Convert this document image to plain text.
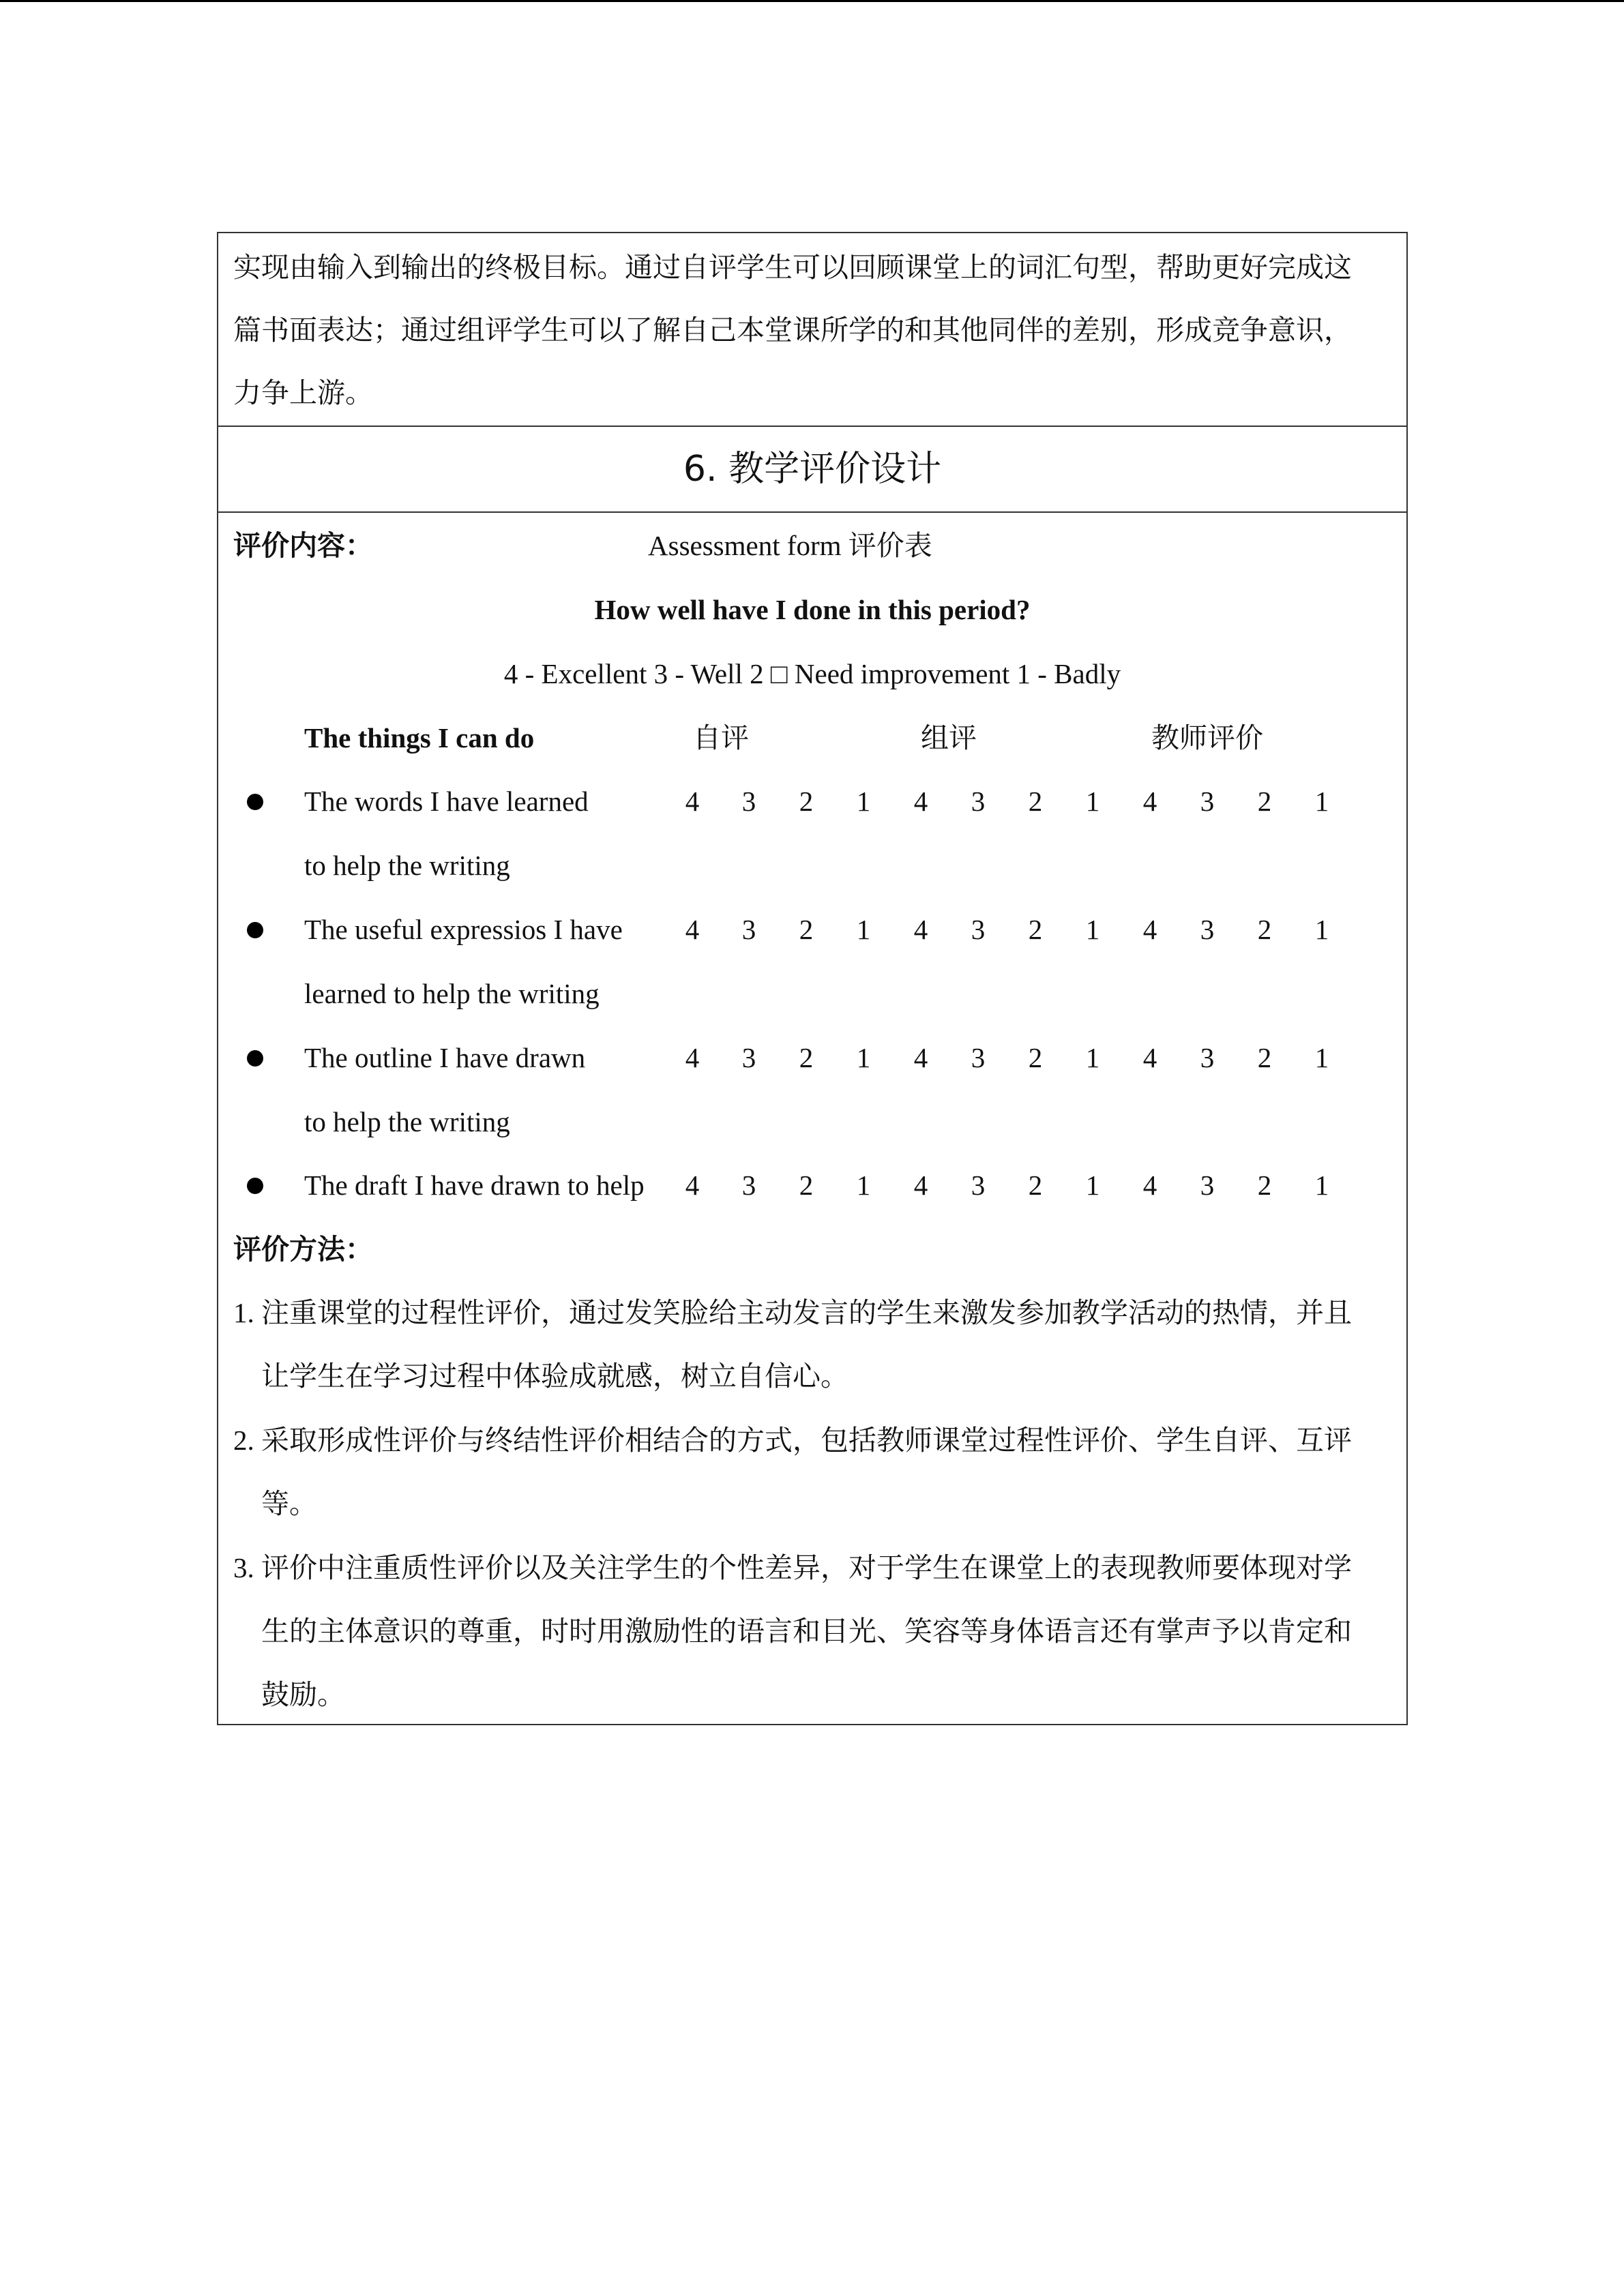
实现由输入到输出的终极目标。通过自评学生可以回顾课堂上的词汇句型，帮助更好完成这
篇书面表达；通过组评学生可以了解自己本堂课所学的和其他同伴的差别，形成竞争意识，
力争上游。
6. 教学评价设计
评价内容：	Assessment form 评价表
How well have I done in this period?
4 - Excellent 3 - Well 2 □ Need improvement 1 - Badly
The things I can do	自评	组评	教师评价
The words I have learned
to help the writing
4 3 2 1 4 3 2 1 4 3 2 1
The useful expressios I have
learned to help the writing
4 3 2 1 4 3 2 1 4 3 2 1
The outline I have drawn
to help the writing
4 3 2 1 4 3 2 1 4 3 2 1
The draft I have drawn to help 4 3 2 1 4 3 2 1 4 3 2 1
评价方法：
1. 注重课堂的过程性评价，通过发笑脸给主动发言的学生来激发参加教学活动的热情，并且
让学生在学习过程中体验成就感，树立自信心。
2. 采取形成性评价与终结性评价相结合的方式，包括教师课堂过程性评价、学生自评、互评
等。
3. 评价中注重质性评价以及关注学生的个性差异，对于学生在课堂上的表现教师要体现对学
生的主体意识的尊重，时时用激励性的语言和目光、笑容等身体语言还有掌声予以肯定和
鼓励。
